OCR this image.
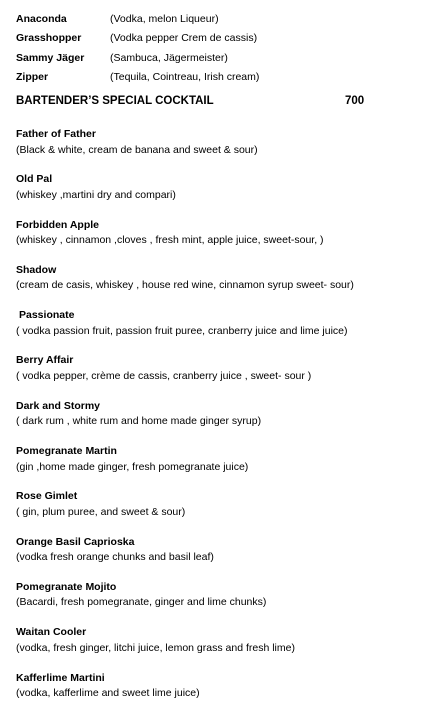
Anaconda	(Vodka, melon Liqueur)
Grasshopper	(Vodka pepper Crem de cassis)
Sammy Jäger	(Sambuca, Jägermeister)
Zipper	(Tequila, Cointreau, Irish cream)
BARTENDER’S SPECIAL COCKTAIL	700
Father of Father
(Black & white, cream de banana and sweet & sour)
Old Pal
(whiskey ,martini dry and compari)
Forbidden Apple
(whiskey , cinnamon ,cloves , fresh mint, apple juice, sweet-sour, )
Shadow
(cream de casis, whiskey , house red wine, cinnamon syrup sweet- sour)
Passionate
( vodka passion fruit, passion fruit puree, cranberry juice and lime juice)
Berry Affair
( vodka pepper, crème de cassis, cranberry juice , sweet- sour )
Dark and Stormy
( dark rum , white rum and home made ginger syrup)
Pomegranate Martin
(gin ,home made ginger, fresh pomegranate juice)
Rose Gimlet
( gin, plum puree, and sweet & sour)
Orange Basil Caprioska
(vodka fresh orange chunks and basil leaf)
Pomegranate Mojito
(Bacardi, fresh pomegranate, ginger and lime chunks)
Waitan Cooler
(vodka, fresh ginger, litchi juice, lemon grass and fresh lime)
Kafferlime Martini
(vodka, kafferlime and sweet lime juice)
